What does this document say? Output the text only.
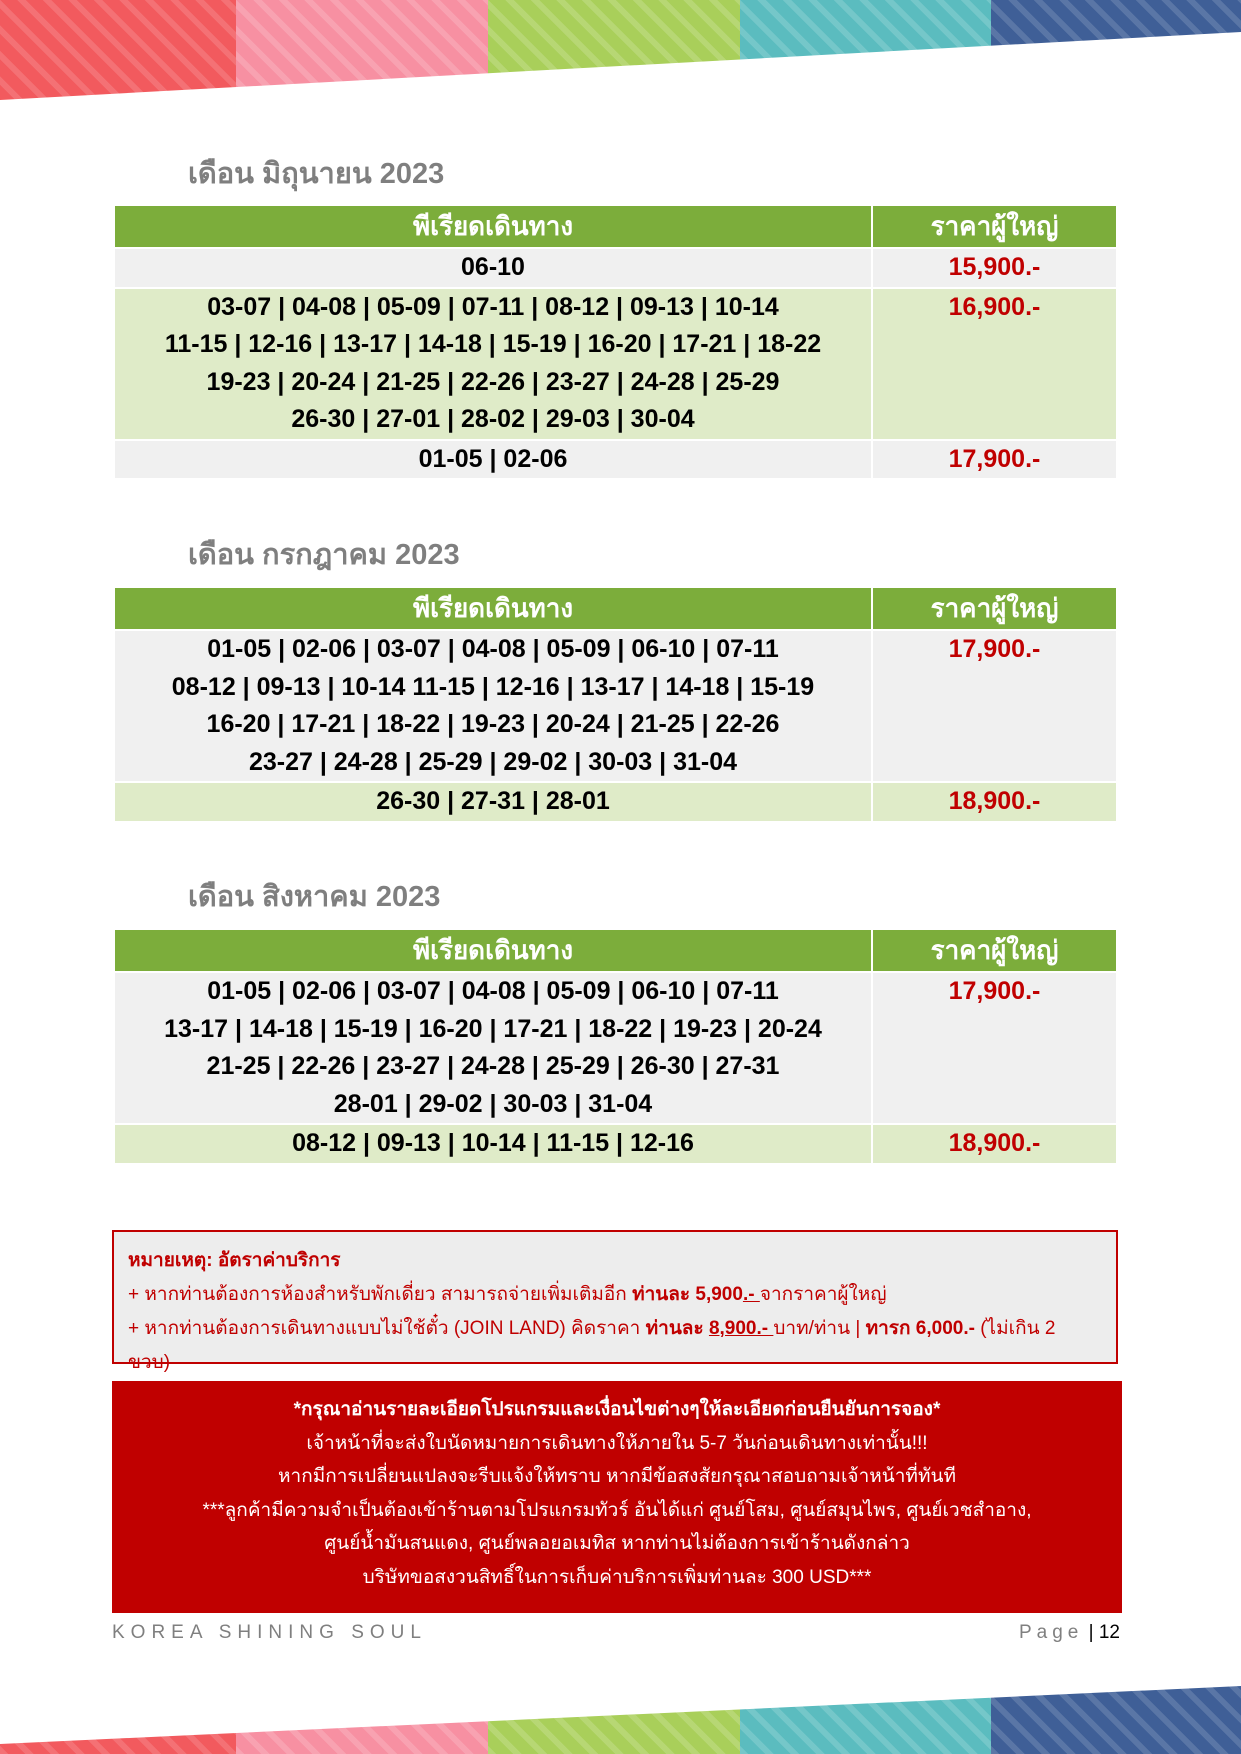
เดือน มิถุนายน 2023
พีเรียดเดินทาง	ราคาผู้ใหญ่

06-10	15,900.-

03-07 | 04-08 | 05-09 | 07-11 | 08-12 | 09-13 | 10-14
11-15 | 12-16 | 13-17 | 14-18 | 15-19 | 16-20 | 17-21 | 18-22
19-23 | 20-24 | 21-25 | 22-26 | 23-27 | 24-28 | 25-29
26-30 | 27-01 | 28-02 | 29-03 | 30-04	16,900.-

01-05 | 02-06	17,900.-
เดือน กรกฎาคม 2023
พีเรียดเดินทาง	ราคาผู้ใหญ่

01-05 | 02-06 | 03-07 | 04-08 | 05-09 | 06-10 | 07-11
08-12 | 09-13 | 10-14 11-15 | 12-16 | 13-17 | 14-18 | 15-19
16-20 | 17-21 | 18-22 | 19-23 | 20-24 | 21-25 | 22-26
23-27 | 24-28 | 25-29 | 29-02 | 30-03 | 31-04	17,900.-

26-30 | 27-31 | 28-01	18,900.-
เดือน สิงหาคม 2023
พีเรียดเดินทาง	ราคาผู้ใหญ่

01-05 | 02-06 | 03-07 | 04-08 | 05-09 | 06-10 | 07-11
13-17 | 14-18 | 15-19 | 16-20 | 17-21 | 18-22 | 19-23 | 20-24
21-25 | 22-26 | 23-27 | 24-28 | 25-29 | 26-30 | 27-31
28-01 | 29-02 | 30-03 | 31-04	17,900.-

08-12 | 09-13 | 10-14 | 11-15 | 12-16	18,900.-
หมายเหตุ: อัตราค่าบริการ
+ หากท่านต้องการห้องสำหรับพักเดี่ยว สามารถจ่ายเพิ่มเติมอีก ท่านละ 5,900.- จากราคาผู้ใหญ่
+ หากท่านต้องการเดินทางแบบไม่ใช้ตั๋ว (JOIN LAND) คิดราคา ท่านละ 8,900.- บาท/ท่าน | ทารก 6,000.- (ไม่เกิน 2 ขวบ)
*กรุณาอ่านรายละเอียดโปรแกรมและเงื่อนไขต่างๆให้ละเอียดก่อนยืนยันการจอง*
เจ้าหน้าที่จะส่งใบนัดหมายการเดินทางให้ภายใน 5-7 วันก่อนเดินทางเท่านั้น!!!
หากมีการเปลี่ยนแปลงจะรีบแจ้งให้ทราบ หากมีข้อสงสัยกรุณาสอบถามเจ้าหน้าที่ทันที
***ลูกค้ามีความจำเป็นต้องเข้าร้านตามโปรแกรมทัวร์ อันได้แก่ ศูนย์โสม, ศูนย์สมุนไพร, ศูนย์เวชสำอาง,
ศูนย์น้ำมันสนแดง, ศูนย์พลอยอเมทิส หากท่านไม่ต้องการเข้าร้านดังกล่าว
บริษัทขอสงวนสิทธิ์ในการเก็บค่าบริการเพิ่มท่านละ 300 USD***
KOREA SHINING SOUL	Page | 12
